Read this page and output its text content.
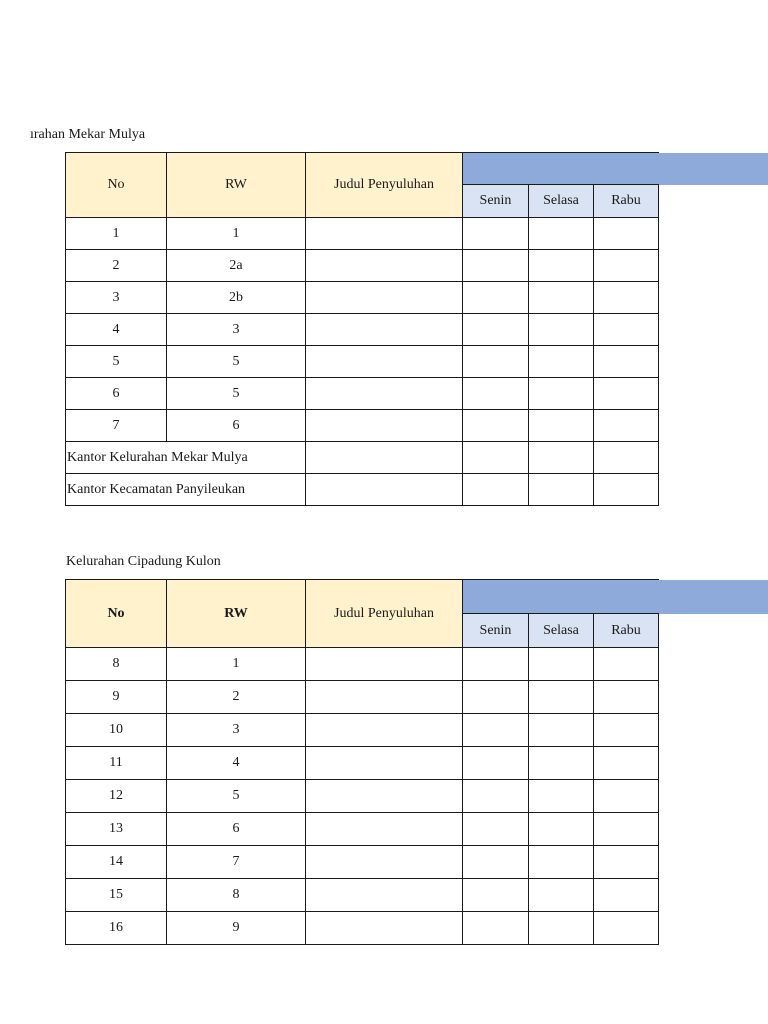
ırahan Mekar Mulya
No	RW	Judul Penyuluhan			
			Senin	Selasa	Rabu
1	1				
2	2a				
3	2b				
4	3				
5	5				
6	5				
7	6				
Kantor Kelurahan Mekar Mulya					
Kantor Kecamatan Panyileukan					
Kelurahan Cipadung Kulon
No	RW	Judul Penyuluhan			
			Senin	Selasa	Rabu
8	1				
9	2				
10	3				
11	4				
12	5				
13	6				
14	7				
15	8				
16	9				
